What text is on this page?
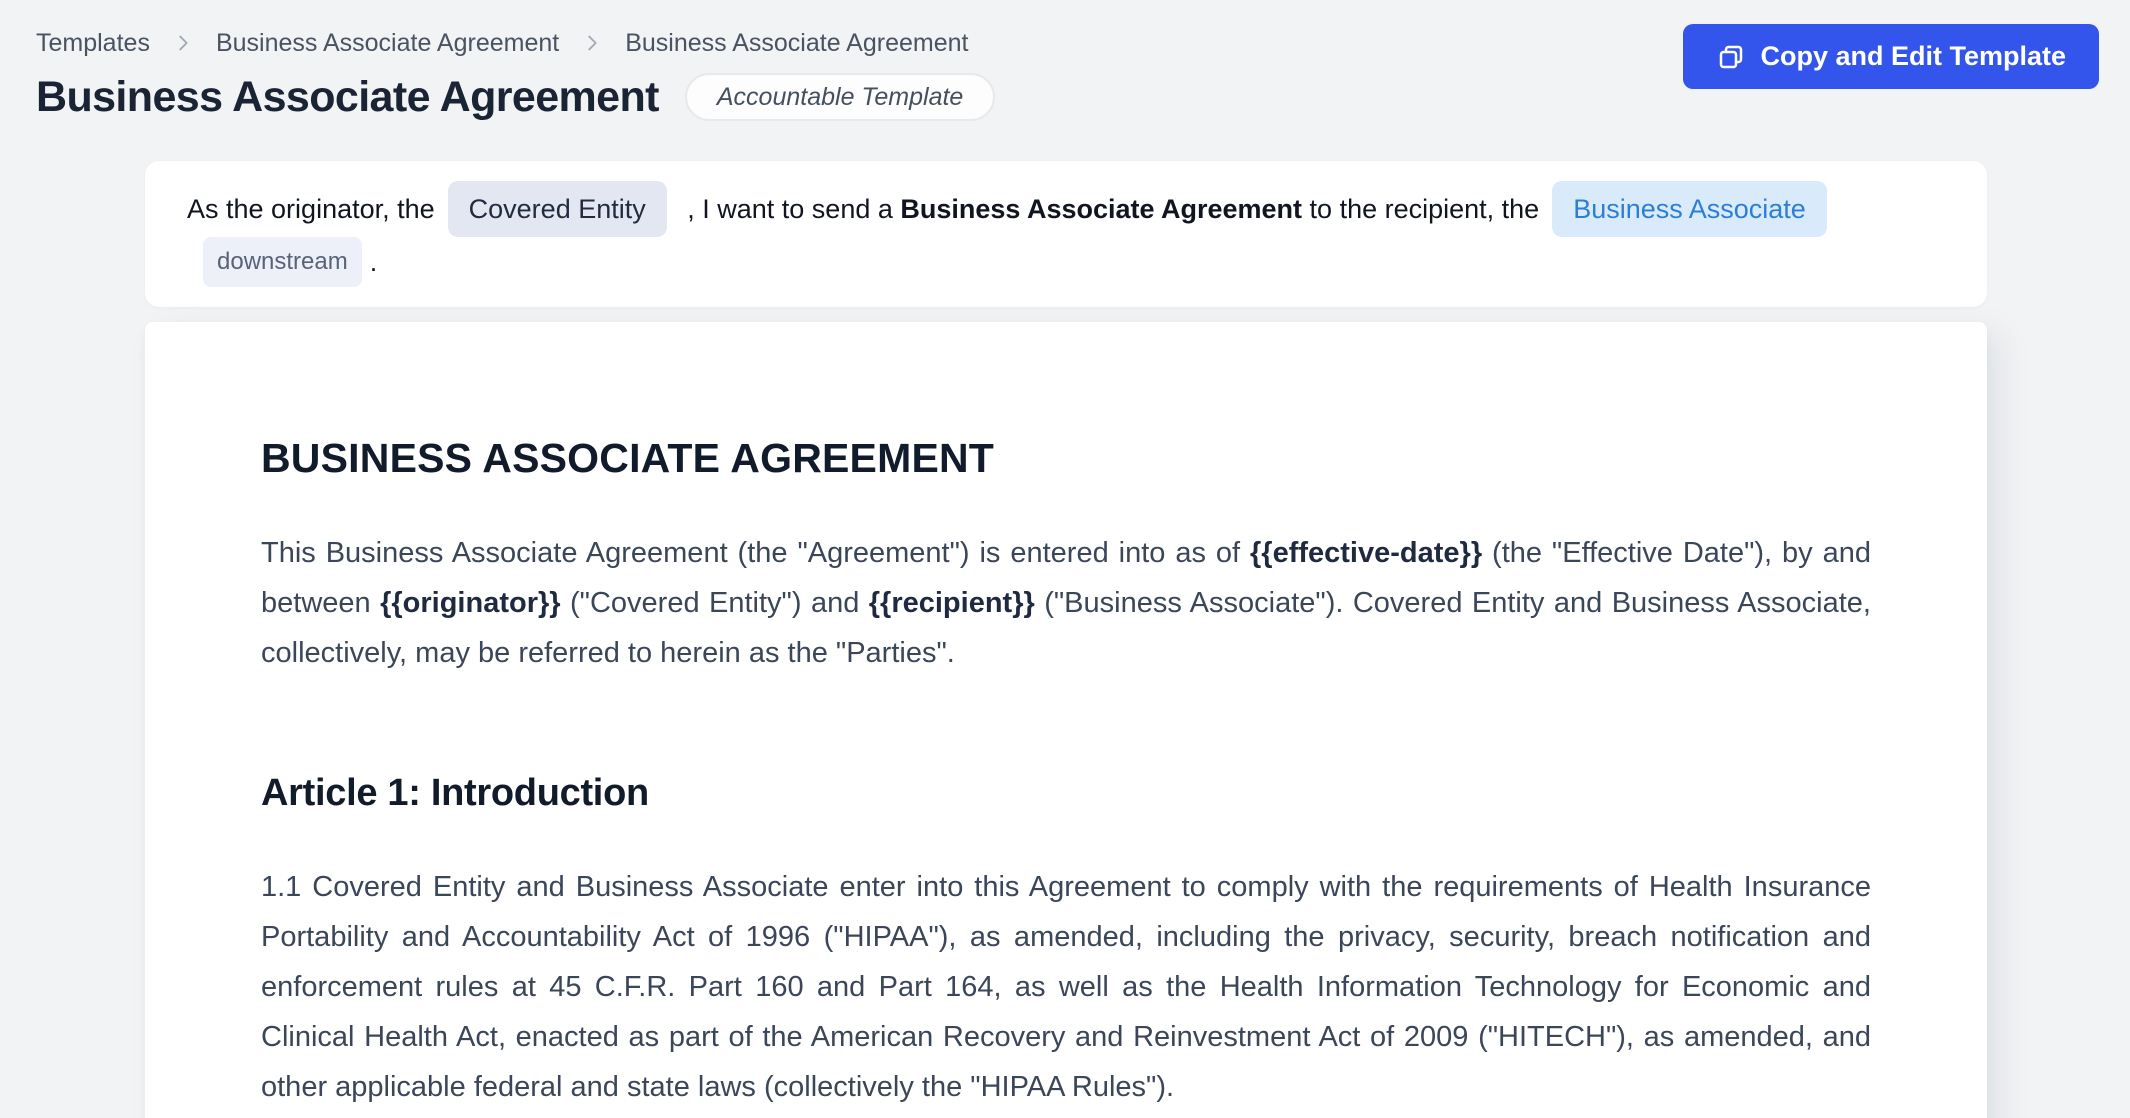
Templates	Business Associate Agreement	Business Associate Agreement
Business Associate Agreement	Accountable Template
Copy and Edit Template
As the originator, the	Covered Entity	, I want to send a Business Associate Agreement to the recipient, the	Business Associate
downstream .
BUSINESS ASSOCIATE AGREEMENT

This Business Associate Agreement (the "Agreement") is entered into as of {{effective-date}} (the "Effective Date"), by and between {{originator}} ("Covered Entity") and {{recipient}} ("Business Associate"). Covered Entity and Business Associate, collectively, may be referred to herein as the "Parties".

Article 1: Introduction

1.1 Covered Entity and Business Associate enter into this Agreement to comply with the requirements of Health Insurance Portability and Accountability Act of 1996 ("HIPAA"), as amended, including the privacy, security, breach notification and enforcement rules at 45 C.F.R. Part 160 and Part 164, as well as the Health Information Technology for Economic and Clinical Health Act, enacted as part of the American Recovery and Reinvestment Act of 2009 ("HITECH"), as amended, and other applicable federal and state laws (collectively the "HIPAA Rules").
